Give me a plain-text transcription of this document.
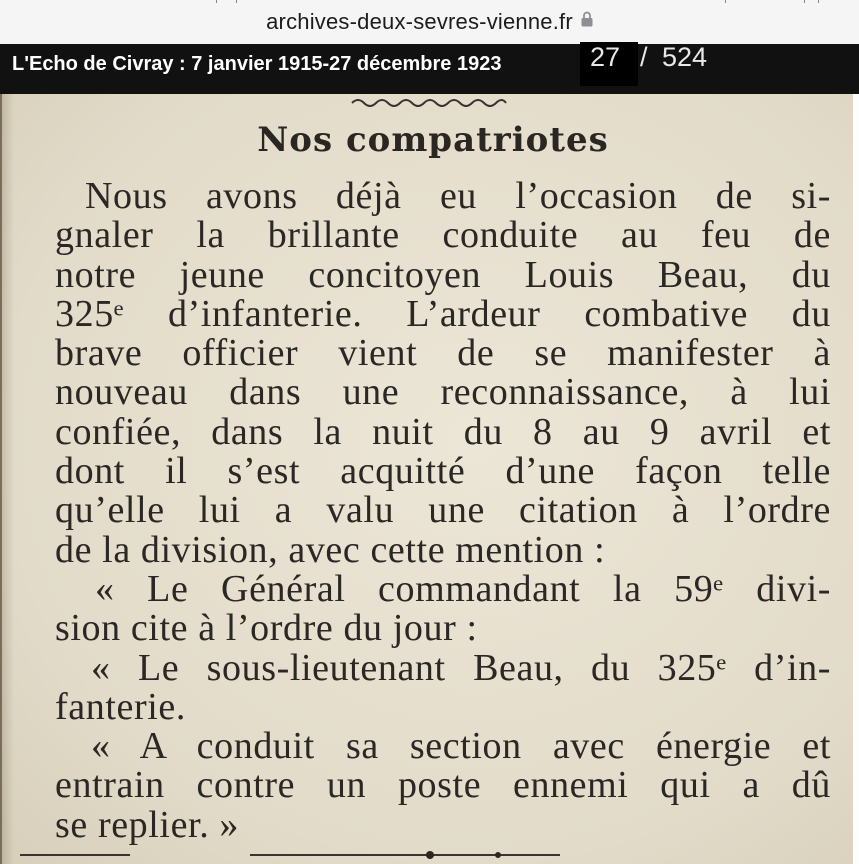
archives-deux-sevres-vienne.fr
L'Echo de Civray : 7 janvier 1915-27 décembre 1923	27 / 524
Nos compatriotes
Nous avons déjà eu l’occasion de si-
gnaler la brillante conduite au feu de
notre jeune concitoyen Louis Beau, du
325ᵉ d’infanterie. L’ardeur combative du
brave officier vient de se manifester à
nouveau dans une reconnaissance, à lui
confiée, dans la nuit du 8 au 9 avril et
dont il s’est acquitté d’une façon telle
qu’elle lui a valu une citation à l’ordre
de la division, avec cette mention :
« Le Général commandant la 59ᵉ divi-
sion cite à l’ordre du jour :
« Le sous-lieutenant Beau, du 325ᵉ d’in-
fanterie.
« A conduit sa section avec énergie et
entrain contre un poste ennemi qui a dû
se replier. »
